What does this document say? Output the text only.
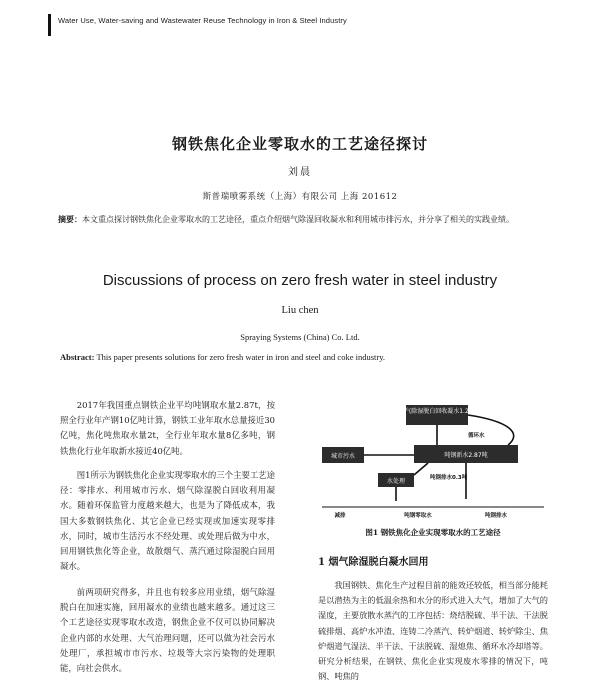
Water Use, Water-saving and Wastewater Reuse Technology in Iron & Steel Industry
钢铁焦化企业零取水的工艺途径探讨
刘晨
斯普瑞喷雾系统（上海）有限公司 上海 201612
摘要：本文重点探讨钢铁焦化企业零取水的工艺途径，重点介绍烟气除湿回收凝水和利用城市排污水，并分享了相关的实践业绩。
Discussions of process on zero fresh water in steel industry
Liu chen
Spraying Systems (China) Co. Ltd.
Abstract: This paper presents solutions for zero fresh water in iron and steel and coke industry.

2017年我国重点钢铁企业平均吨钢取水量2.87t，按照全行业年产钢10亿吨计算，钢铁工业年取水总量接近30亿吨，焦化吨焦取水量2t，全行业年取水量8亿多吨，钢铁焦化行业年取新水接近40亿吨。

图1所示为钢铁焦化企业实现零取水的三个主要工艺途径：零排水、利用城市污水、烟气除湿脱白回收利用凝水。随着环保监管力度越来越大，也是为了降低成本，我国大多数钢铁焦化、其它企业已经实现或加速实现零排水，同时，城市生活污水不经处理、或处理后做为中水，回用钢铁焦化等企业，故散烟气、蒸汽通过除湿脱白回用凝水。

前两项研究得多，并且也有较多应用业绩，烟气除湿脱白在加速实施，回用凝水的业绩也越来越多。通过这三个工艺途径实现零取水改造，钢焦企业不仅可以协同解决企业内部的水处理、大气治理问题，还可以做为社会污水处理厂，承担城市市污水、垃圾等大宗污染物的处理职能，向社会供水。

烟气除湿脱白回收凝水1.2吨
城市污水	吨钢新水2.87吨
水处理
循环水
吨钢排水0.3吨
减排	吨钢零取水	吨钢排水
图1 钢铁焦化企业实现零取水的工艺途径
1 烟气除湿脱白凝水回用

我国钢铁、焦化生产过程目前的能效还较低，相当部分能耗是以潜热为主的低温余热和水分的形式进入大气，增加了大气的湿度，主要放散水蒸汽的工序包括：烧结脱硫、半干法、干法脱硫排烟、高炉水冲渣、连铸二冷蒸汽、转炉烟道、转炉除尘、焦炉烟道气湿法、半干法、干法脱硫、湿熄焦、循环水冷却塔等。研究分析结果，在钢铁、焦化企业实现废水零排的情况下，吨钢、吨焦的
